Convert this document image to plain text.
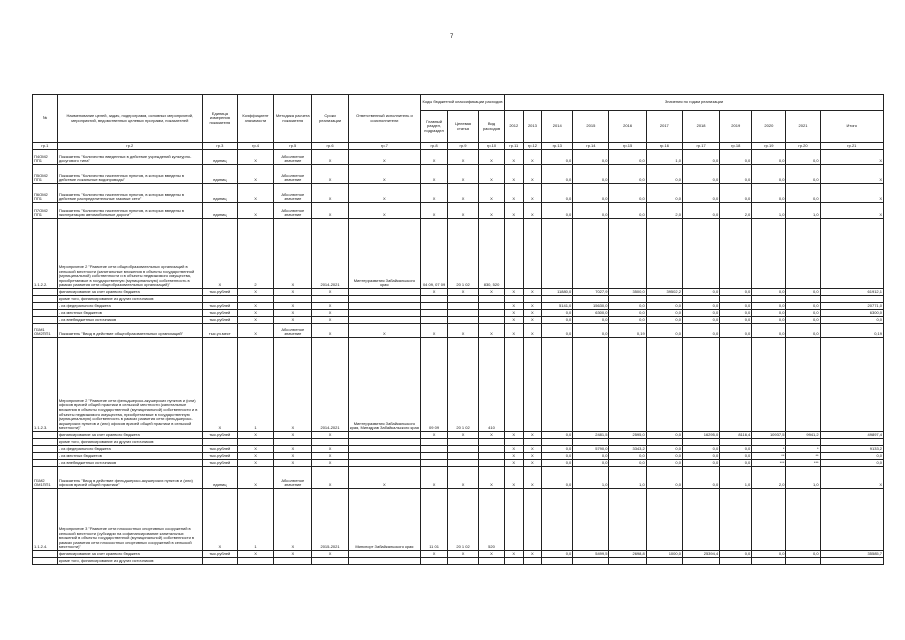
7
№	Наименование целей, задач, подпрограмм, основных мероприятий, мероприятий, ведомственных целевых программ, показателей	Единица измерения показателя	Коэффициент значимости	Методика расчета показателя	Сроки реализации	Ответственный исполнитель и соисполнители	Коды бюджетной классификации расходов			Значения по годам реализации										
							Главный раздел, подраздел	Целевая статья	Вид расходов	2012	2013	2014	2015	2016	2017	2018	2019	2020	2021	Итого
гр.1	гр.2	гр.3	гр.4	гр.5	гр.6	гр.7	гр.8	гр.9	гр.10	гр.11	гр.12	гр.13	гр.14	гр.15	гр.16	гр.17	гр.18	гр.19	гр.20	гр.21
П4ОМ2 ПП1	Показатель "Количество введенных в действие учреждений культурно-досугового типа"	единиц	X	Абсолютное значение	X	X	X	X	X	X	X	0,0	0,0	0,0	1,0	0,0	0,0	0,0	0,0	X
П5ОМ2 ПП1	Показатель "Количество населенных пунктов, в которых введены в действие локальные водопроводы"	единиц	X	Абсолютное значение	X	X	X	X	X	X	X	0,0	0,0	0,0	0,0	0,0	0,0	0,0	0,0	X
П6ОМ2 ПП1	Показатель "Количество населенных пунктов, в которых введены в действие распределительные газовые сети"	единиц	X	Абсолютное значение	X	X	X	X	X	X	X	0,0	0,0	0,0	0,0	0,0	0,0	0,0	0,0	X
П7ОМ2 ПП1	Показатель "Количество населенных пунктов, в которых введены в эксплуатацию автомобильные дороги"	единиц	X	Абсолютное значение	X	X	X	X	X	X	X	0,0	0,0	0,0	2,0	0,0	2,0	1,0	1,0	X
1.1.2.2.	Мероприятие 2 "Развитие сети общеобразовательных организаций в сельской местности (капитальные вложения в объекты государственной (муниципальной) собственности и в объекты недвижимого имущества, приобретаемые в государственную (муниципальную) собственность в рамках развития сети общеобразовательных организаций)"	X	2	X	2014-2021	Минтерразвития Забайкальского края	04 09, 07 09	20 1 02	830, 520											
	финансирование за счет краевого бюджета	тыс.рублей	X	X	X		X	X	X	X	X	11880,0	7027,9	3500,0	39502,2	0,0	0,0	0,0	0,0	61912,1
	кроме того, финансирование из других источников:																			
	- из федерального бюджета	тыс.рублей	X	X	X					X	X	5141,0	15630,0	0,0	0,0	0,0	0,0	0,0	0,0	20771,0
	- из местных бюджетов	тыс.рублей	X	X	X					X	X	0,0	6300,0	0,0	0,0	0,0	0,0	0,0	0,0	6300,0
	- из внебюджетных источников	тыс.рублей	X	X	X					X	X	0,0	0,0	0,0	0,0	0,0	0,0	0,0	0,0	0,0
П1М1 ОМ2ПП1	Показатель "Ввод в действие общеобразовательных организаций"	тыс.уч.мест	X	Абсолютное значение	X	X	X	X	X	X	X	0,0	0,0	0,19	0,0	0,0	0,0	0,0	0,0	0,19
1.1.2.3.	Мероприятие 2 "Развитие сети фельдшерско-акушерских пунктов и (или) офисов врачей общей практики в сельской местности (капитальные вложения в объекты государственной (муниципальной) собственности и в объекты недвижимого имущества, приобретаемые в государственную (муниципальную) собственность в рамках развития сети фельдшерско-акушерских пунктов и (или) офисов врачей общей практики в сельской местности)"	X	1	X	2014-2021	Минтерразвития Забайкальского края, Минздрав Забайкальского края	09 09	20 1 02	410											
	финансирование за счет краевого бюджета	тыс.рублей	X	X	X		X	X	X	X	X	0,0	2481,5	2595,0	0,0	16295,0	8116,4	10937,5	9941,2	49897,4
	кроме того, финансирование из других источников:																			
	- из федерального бюджета	тыс.рублей	X	X	X					X	X	0,0	5790,0	3343,2	0,0	0,0	0,0	*	*	9133,2
	- из местных бюджетов	тыс.рублей	X	X	X					X	X	0,0	0,0	0,0	0,0	0,0	0,0	**	**	0,0
	- из внебюджетных источников	тыс.рублей	X	X	X					X	X	0,0	0,0	0,0	0,0	0,0	0,0	***	***	0,0
П1М2 ОМ1ПП1	Показатель "Ввод в действие фельдшерско-акушерских пунктов и (или) офисов врачей общей практики"	единиц	X	Абсолютное значение	X	X	X	X	X	X	X	0,0	1,0	1,0	0,0	0,0	1,0	2,0	1,0	X
1.1.2.4.	Мероприятие 3 "Развитие сети плоскостных спортивных сооружений в сельской местности (субсидии на софинансирование капитальных вложений в объекты государственной (муниципальной) собственности в рамках развития сети плоскостных спортивных сооружений в сельской местности)"	X	1	X	2015-2021	Минспорт Забайкальского края	11 01	20 1 02	520											
	финансирование за счет краевого бюджета	тыс.рублей	X	X	X		X	X	X	X	X	0,0	5499,5	2698,8	1000,0	25394,4	0,0	0,0	0,0	35585,7
	кроме того, финансирование из других источников:																			
